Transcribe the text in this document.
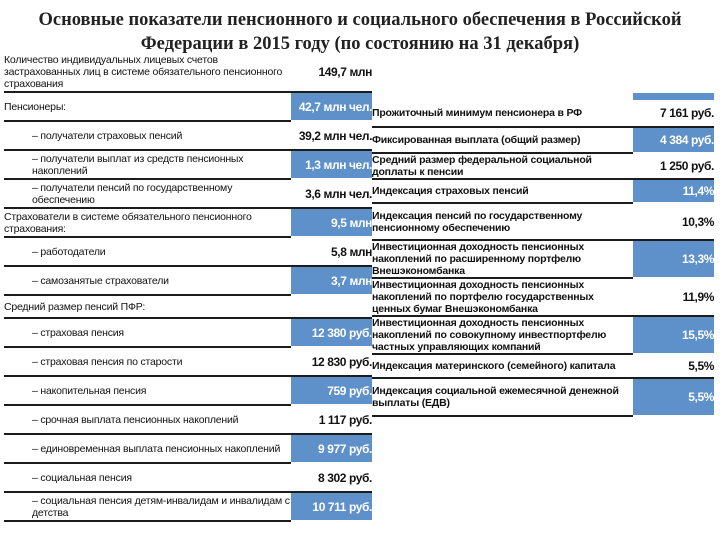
Основные показатели пенсионного и социального обеспечения в Российской Федерации в 2015 году (по состоянию на 31 декабря)
Количество индивидуальных лицевых счетов застрахованных лиц в системе обязательного пенсионного страхования	149,7 млн
Пенсионеры:	42,7 млн чел.
– получатели страховых пенсий	39,2 млн чел.
– получатели выплат из средств пенсионных накоплений	1,3 млн чел.
– получатели пенсий по государственному обеспечению	3,6 млн чел.
Страхователи в системе обязательного пенсионного страхования:	9,5 млн
– работодатели	5,8 млн
– самозанятые страхователи	3,7 млн
Средний размер пенсий ПФР:	
– страховая пенсия	12 380 руб.
– страховая пенсия по старости	12 830 руб.
– накопительная пенсия	759 руб.
– срочная выплата пенсионных накоплений	1 117 руб.
– единовременная выплата пенсионных накоплений	9 977 руб.
– социальная пенсия	8 302 руб.
– социальная пенсия детям-инвалидам и инвалидам с детства	10 711 руб.

Прожиточный минимум пенсионера в РФ	7 161 руб.
Фиксированная выплата (общий размер)	4 384 руб.
Средний размер федеральной социальной доплаты к пенсии	1 250 руб.
Индексация страховых пенсий	11,4%
Индексация пенсий по государственному пенсионному обеспечению	10,3%
Инвестиционная доходность пенсионных накоплений по расширенному портфелю Внешэкономбанка	13,3%
Инвестиционная доходность пенсионных накоплений по портфелю государственных ценных бумаг Внешэкономбанка	11,9%
Инвестиционная доходность пенсионных накоплений по совокупному инвестпортфелю частных управляющих компаний	15,5%
Индексация материнского (семейного) капитала	5,5%
Индексация социальной ежемесячной денежной выплаты (ЕДВ)	5,5%
